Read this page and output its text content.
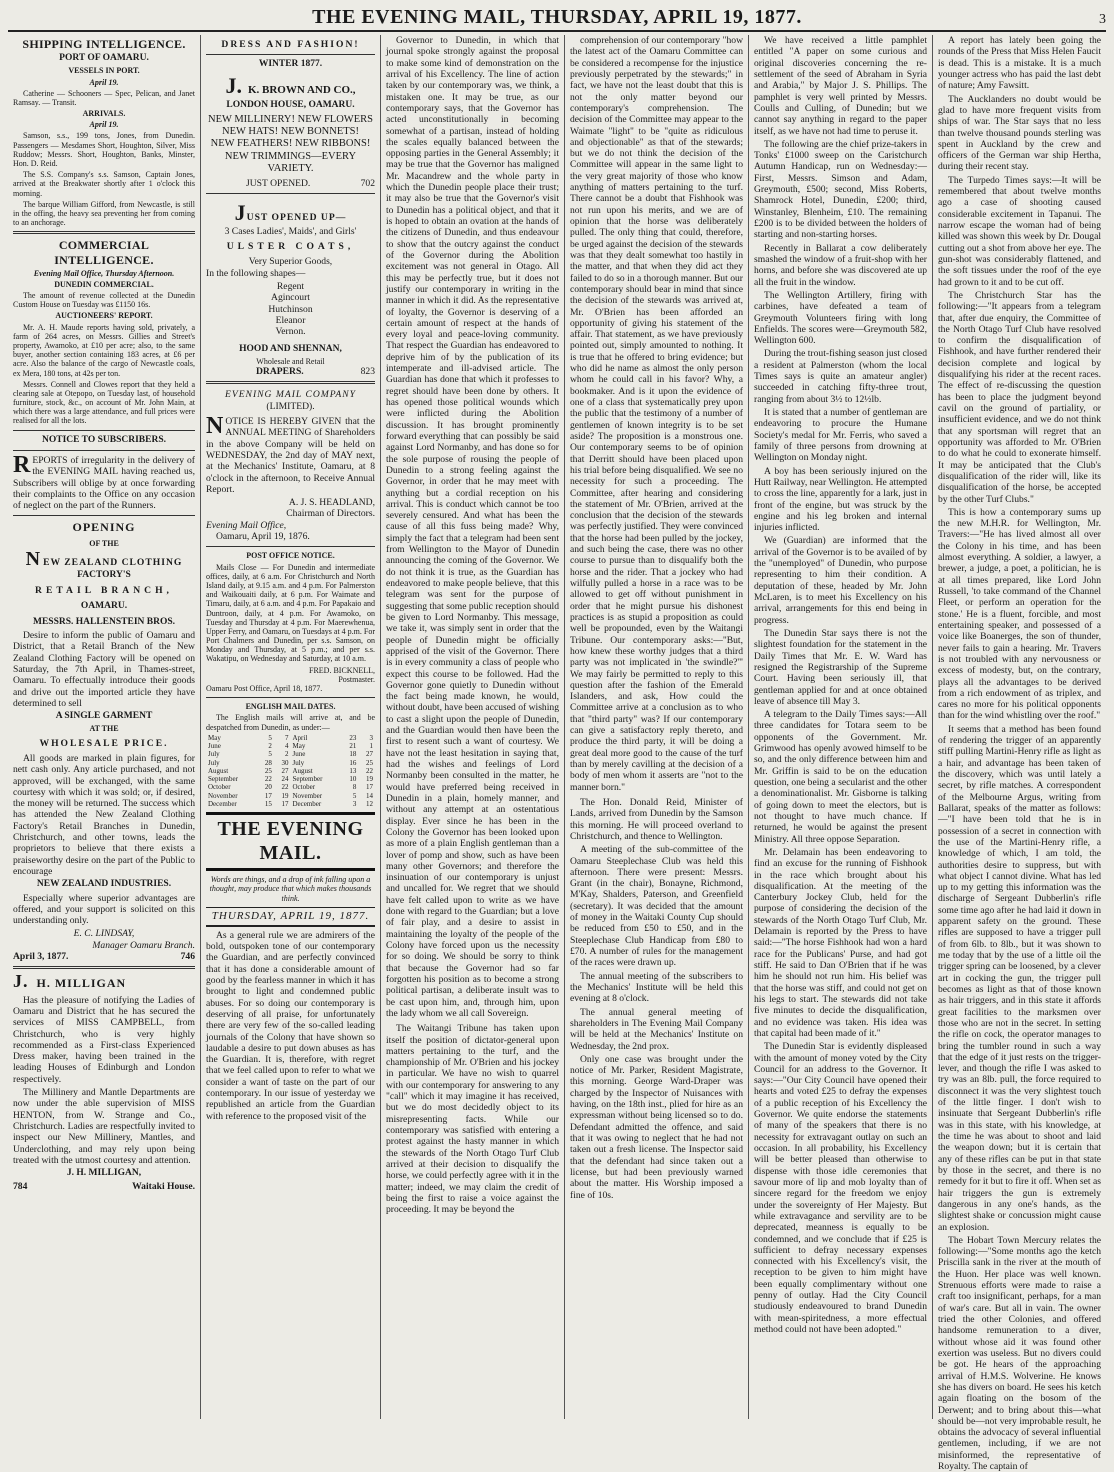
THE EVENING MAIL, THURSDAY, APRIL 19, 1877.	3
SHIPPING INTELLIGENCE.
PORT OF OAMARU.
VESSELS IN PORT.
April 19.

Catherine — Schooners — Spec, Pelican, and Janet Ramsay. — Transit.

ARRIVALS.
April 19.

Samson, s.s., 199 tons, Jones, from Dunedin. Passengers — Mesdames Short, Houghton, Silver, Miss Ruddow; Messrs. Short, Houghton, Banks, Minster, Hon. D. Reid.

The S.S. Company's s.s. Samson, Captain Jones, arrived at the Breakwater shortly after 1 o'clock this morning.

The barque William Gifford, from Newcastle, is still in the offing, the heavy sea preventing her from coming to an anchorage.

COMMERCIAL INTELLIGENCE.
Evening Mail Office, Thursday Afternoon.
DUNEDIN COMMERCIAL.

The amount of revenue collected at the Dunedin Custom House on Tuesday was £1150 16s.

AUCTIONEERS' REPORT.

Mr. A. H. Maude reports having sold, privately, a farm of 264 acres, on Messrs. Gillies and Street's property, Awamoko, at £10 per acre; also, to the same buyer, another section containing 183 acres, at £6 per acre. Also the balance of the cargo of Newcastle coals, ex Mera, 180 tons, at 42s per ton.

Messrs. Connell and Clowes report that they held a clearing sale at Otepopo, on Tuesday last, of household furniture, stock, &c., on account of Mr. John Main, at which there was a large attendance, and full prices were realised for all the lots.

NOTICE TO SUBSCRIBERS.

REPORTS of irregularity in the delivery of the EVENING MAIL having reached us, Subscribers will oblige by at once forwarding their complaints to the Office on any occasion of neglect on the part of the Runners.

OPENING
OF THE
NEW ZEALAND CLOTHING
FACTORY'S
RETAIL BRANCH,
OAMARU.
MESSRS. HALLENSTEIN BROS.

Desire to inform the public of Oamaru and District, that a Retail Branch of the New Zealand Clothing Factory will be opened on Saturday, the 7th April, in Thames-street, Oamaru. To effectually introduce their goods and drive out the imported article they have determined to sell

A SINGLE GARMENT
AT THE
WHOLESALE PRICE.

All goods are marked in plain figures, for nett cash only. Any article purchased, and not approved, will be exchanged, with the same courtesy with which it was sold; or, if desired, the money will be returned. The success which has attended the New Zealand Clothing Factory's Retail Branches in Dunedin, Christchurch, and other towns, leads the proprietors to believe that there exists a praiseworthy desire on the part of the Public to encourage

NEW ZEALAND INDUSTRIES.

Especially where superior advantages are offered, and your support is solicited on this understanding only.

E. C. LINDSAY,
Manager Oamaru Branch.
April 3, 1877.	746
J. H. MILLIGAN

Has the pleasure of notifying the Ladies of Oamaru and District that he has secured the services of MISS CAMPBELL, from Christchurch, who is very highly recommended as a First-class Experienced Dress maker, having been trained in the leading Houses of Edinburgh and London respectively.

The Millinery and Mantle Departments are now under the able supervision of MISS HENTON, from W. Strange and Co., Christchurch. Ladies are respectfully invited to inspect our New Millinery, Mantles, and Underclothing, and may rely upon being treated with the utmost courtesy and attention.

J. H. MILLIGAN,
784	Waitaki House.
DRESS AND FASHION!
WINTER 1877.
J. K. BROWN AND CO.,
LONDON HOUSE, OAMARU.
NEW MILLINERY! NEW FLOWERS
NEW HATS! NEW BONNETS!
NEW FEATHERS! NEW RIBBONS!
NEW TRIMMINGS—EVERY VARIETY.
JUST OPENED.	702
JUST OPENED UP—
3 Cases Ladies', Maids', and Girls'
ULSTER COATS,
Very Superior Goods,
In the following shapes—
Regent
Agincourt
Hutchinson
Eleanor
Vernon.
HOOD AND SHENNAN,
Wholesale and Retail
DRAPERS.	823
EVENING MAIL COMPANY
(LIMITED).

NOTICE IS HEREBY GIVEN that the ANNUAL MEETING of Shareholders in the above Company will be held on WEDNESDAY, the 2nd day of MAY next, at the Mechanics' Institute, Oamaru, at 8 o'clock in the afternoon, to Receive Annual Report.

A. J. S. HEADLAND,
Chairman of Directors.
Evening Mail Office,
Oamaru, April 19, 1876.
POST OFFICE NOTICE.

Mails Close — For Dunedin and intermediate offices, daily, at 6 a.m. For Christchurch and North Island daily, at 9.15 a.m. and 4 p.m. For Palmerston and Waikouaiti daily, at 6 p.m. For Waimate and Timaru, daily, at 6 a.m. and 4 p.m. For Papakaio and Duntroon, daily, at 4 p.m. For Awamoko, on Tuesday and Thursday at 4 p.m. For Maerewhenua, Upper Ferry, and Oamaru, on Tuesdays at 4 p.m. For Port Chalmers and Dunedin, per s.s. Samson, on Monday and Thursday, at 5 p.m.; and per s.s. Wakatipu, on Wednesday and Saturday, at 10 a.m.

FRED. BICKNELL,
Postmaster.
Oamaru Post Office, April 18, 1877.
ENGLISH MAIL DATES.

The English mails will arrive at, and be despatched from Dunedin, as under:—

May	5	7	April	23	3
June	2	4	May	21	1
July	5	2	June	18	27
July	28	30	July	16	25
August	25	27	August	13	22
September	22	24	September	10	19
October	20	22	October	8	17
November	17	19	November	5	14
December	15	17	December	3	12
THE EVENING MAIL.
Words are things, and a drop of ink falling upon a thought, may produce that which makes thousands think.
THURSDAY, APRIL 19, 1877.

As a general rule we are admirers of the bold, outspoken tone of our contemporary the Guardian, and are perfectly convinced that it has done a considerable amount of good by the fearless manner in which it has brought to light and condemned public abuses. For so doing our contemporary is deserving of all praise, for unfortunately there are very few of the so-called leading journals of the Colony that have shown so laudable a desire to put down abuses as has the Guardian. It is, therefore, with regret that we feel called upon to refer to what we consider a want of taste on the part of our contemporary. In our issue of yesterday we republished an article from the Guardian with reference to the proposed visit of the

Governor to Dunedin, in which that journal spoke strongly against the proposal to make some kind of demonstration on the arrival of his Excellency. The line of action taken by our contemporary was, we think, a mistaken one. It may be true, as our contemporary says, that the Governor has acted unconstitutionally in becoming somewhat of a partisan, instead of holding the scales equally balanced between the opposing parties in the General Assembly; it may be true that the Governor has maligned Mr. Macandrew and the whole party in which the Dunedin people place their trust; it may also be true that the Governor's visit to Dunedin has a political object, and that it is hoped to obtain an ovation at the hands of the citizens of Dunedin, and thus endeavour to show that the outcry against the conduct of the Governor during the Abolition excitement was not general in Otago. All this may be perfectly true, but it does not justify our contemporary in writing in the manner in which it did. As the representative of loyalty, the Governor is deserving of a certain amount of respect at the hands of every loyal and peace-loving community. That respect the Guardian has endeavored to deprive him of by the publication of its intemperate and ill-advised article. The Guardian has done that which it professes to regret should have been done by others. It has opened those political wounds which were inflicted during the Abolition discussion. It has brought prominently forward everything that can possibly be said against Lord Normanby, and has done so for the sole purpose of rousing the people of Dunedin to a strong feeling against the Governor, in order that he may meet with anything but a cordial reception on his arrival. This is conduct which cannot be too severely censured. And what has been the cause of all this fuss being made? Why, simply the fact that a telegram had been sent from Wellington to the Mayor of Dunedin announcing the coming of the Governor. We do not think it is true, as the Guardian has endeavored to make people believe, that this telegram was sent for the purpose of suggesting that some public reception should be given to Lord Normanby. This message, we take it, was simply sent in order that the people of Dunedin might be officially apprised of the visit of the Governor. There is in every community a class of people who expect this course to be followed. Had the Governor gone quietly to Dunedin without the fact being made known, he would, without doubt, have been accused of wishing to cast a slight upon the people of Dunedin, and the Guardian would then have been the first to resent such a want of courtesy. We have not the least hesitation in saying that, had the wishes and feelings of Lord Normanby been consulted in the matter, he would have preferred being received in Dunedin in a plain, homely manner, and without any attempt at an ostentatious display. Ever since he has been in the Colony the Governor has been looked upon as more of a plain English gentleman than a lover of pomp and show, such as have been many other Governors; and therefore the insinuation of our contemporary is unjust and uncalled for. We regret that we should have felt called upon to write as we have done with regard to the Guardian; but a love of fair play, and a desire to assist in maintaining the loyalty of the people of the Colony have forced upon us the necessity for so doing. We should be sorry to think that because the Governor had so far forgotten his position as to become a strong political partisan, a deliberate insult was to be cast upon him, and, through him, upon the lady whom we all call Sovereign.

The Waitangi Tribune has taken upon itself the position of dictator-general upon matters pertaining to the turf, and the championship of Mr. O'Brien and his jockey in particular. We have no wish to quarrel with our contemporary for answering to any "call" which it may imagine it has received, but we do most decidedly object to its misrepresenting facts. While our contemporary was satisfied with entering a protest against the hasty manner in which the stewards of the North Otago Turf Club arrived at their decision to disqualify the horse, we could perfectly agree with it in the matter; indeed, we may claim the credit of being the first to raise a voice against the proceeding. It may be beyond the

comprehension of our contemporary "how the latest act of the Oamaru Committee can be considered a recompense for the injustice previously perpetrated by the stewards;" in fact, we have not the least doubt that this is not the only matter beyond our contemporary's comprehension. The decision of the Committee may appear to the Waimate "light" to be "quite as ridiculous and objectionable" as that of the stewards; but we do not think the decision of the Committee will appear in the same light to the very great majority of those who know anything of matters pertaining to the turf. There cannot be a doubt that Fishhook was not run upon his merits, and we are of opinion that the horse was deliberately pulled. The only thing that could, therefore, be urged against the decision of the stewards was that they dealt somewhat too hastily in the matter, and that when they did act they failed to do so in a thorough manner. But our contemporary should bear in mind that since the decision of the stewards was arrived at, Mr. O'Brien has been afforded an opportunity of giving his statement of the affair. That statement, as we have previously pointed out, simply amounted to nothing. It is true that he offered to bring evidence; but who did he name as almost the only person whom he could call in his favor? Why, a bookmaker. And is it upon the evidence of one of a class that systematically prey upon the public that the testimony of a number of gentlemen of known integrity is to be set aside? The proposition is a monstrous one. Our contemporary seems to be of opinion that Derritt should have been placed upon his trial before being disqualified. We see no necessity for such a proceeding. The Committee, after hearing and considering the statement of Mr. O'Brien, arrived at the conclusion that the decision of the stewards was perfectly justified. They were convinced that the horse had been pulled by the jockey, and such being the case, there was no other course to pursue than to disqualify both the horse and the rider. That a jockey who had wilfully pulled a horse in a race was to be allowed to get off without punishment in order that he might pursue his dishonest practices is as stupid a proposition as could well be propounded, even by the Waitangi Tribune. Our contemporary asks:—"But, how knew these worthy judges that a third party was not implicated in 'the swindle?'" We may fairly be permitted to reply to this question after the fashion of the Emerald Islanders, and ask, How could the Committee arrive at a conclusion as to who that "third party" was? If our contemporary can give a satisfactory reply thereto, and produce the third party, it will be doing a great deal more good to the cause of the turf than by merely cavilling at the decision of a body of men whom it asserts are "not to the manner born."

The Hon. Donald Reid, Minister of Lands, arrived from Dunedin by the Samson this morning. He will proceed overland to Christchurch, and thence to Wellington.

A meeting of the sub-committee of the Oamaru Steeplechase Club was held this afternoon. There were present: Messrs. Grant (in the chair), Bonayne, Richmond, M'Kay, Shalders, Paterson, and Greenfield (secretary). It was decided that the amount of money in the Waitaki County Cup should be reduced from £50 to £50, and in the Steeplechase Club Handicap from £80 to £70. A number of rules for the management of the races were drawn up.

The annual meeting of the subscribers to the Mechanics' Institute will be held this evening at 8 o'clock.

The annual general meeting of shareholders in The Evening Mail Company will be held at the Mechanics' Institute on Wednesday, the 2nd prox.

Only one case was brought under the notice of Mr. Parker, Resident Magistrate, this morning. George Ward-Draper was charged by the Inspector of Nuisances with having, on the 18th inst., plied for hire as an expressman without being licensed so to do. Defendant admitted the offence, and said that it was owing to neglect that he had not taken out a fresh license. The Inspector said that the defendant had since taken out a license, but had been previously warned about the matter. His Worship imposed a fine of 10s.

We have received a little pamphlet entitled "A paper on some curious and original discoveries concerning the re-settlement of the seed of Abraham in Syria and Arabia," by Major J. S. Phillips. The pamphlet is very well printed by Messrs. Coulls and Culling, of Dunedin; but we cannot say anything in regard to the paper itself, as we have not had time to peruse it.

The following are the chief prize-takers in Tonks' £1000 sweep on the Caristchurch Autumn Handicap, run on Wednesday:—First, Messrs. Simson and Adam, Greymouth, £500; second, Miss Roberts, Shamrock Hotel, Dunedin, £200; third, Winstanley, Blenheim, £10. The remaining £200 is to be divided between the holders of starting and non-starting horses.

Recently in Ballarat a cow deliberately smashed the window of a fruit-shop with her horns, and before she was discovered ate up all the fruit in the window.

The Wellington Artillery, firing with carbines, have defeated a team of Greymouth Volunteers firing with long Enfields. The scores were—Greymouth 582, Wellington 600.

During the trout-fishing season just closed a resident at Palmerston (whom the local Times says is quite an amateur angler) succeeded in catching fifty-three trout, ranging from about 3½ to 12½lb.

It is stated that a number of gentleman are endeavoring to procure the Humane Society's medal for Mr. Ferris, who saved a family of three persons from drowning at Wellington on Monday night.

A boy has been seriously injured on the Hutt Railway, near Wellington. He attempted to cross the line, apparently for a lark, just in front of the engine, but was struck by the engine and his leg broken and internal injuries inflicted.

We (Guardian) are informed that the arrival of the Governor is to be availed of by the "unemployed" of Dunedin, who purpose representing to him their condition. A deputation of these, headed by Mr. John McLaren, is to meet his Excellency on his arrival, arrangements for this end being in progress.

The Dunedin Star says there is not the slightest foundation for the statement in the Daily Times that Mr. E. W. Ward has resigned the Registrarship of the Supreme Court. Having been seriously ill, that gentleman applied for and at once obtained leave of absence till May 3.

A telegram to the Daily Times says:—All three candidates for Totara seem to be opponents of the Government. Mr. Grimwood has openly avowed himself to be so, and the only difference between him and Mr. Griffin is said to be on the education question, one being a secularist and the other a denominationalist. Mr. Gisborne is talking of going down to meet the electors, but is not thought to have much chance. If returned, he would be against the present Ministry. All three oppose Separation.

Mr. Delamain has been endeavoring to find an excuse for the running of Fishhook in the race which brought about his disqualification. At the meeting of the Canterbury Jockey Club, held for the purpose of considering the decision of the stewards of the North Otago Turf Club, Mr. Delamain is reported by the Press to have said:—"The horse Fishhook had won a hard race for the Publicans' Purse, and had got stiff. He said to Dan O'Brien that if he was him he should not run him. His belief was that the horse was stiff, and could not get on his legs to start. The stewards did not take five minutes to decide the disqualification, and no evidence was taken. His idea was that capital had been made of it."

The Dunedin Star is evidently displeased with the amount of money voted by the City Council for an address to the Governor. It says:—"Our City Council have opened their hearts and voted £25 to defray the expenses of a public reception of his Excellency the Governor. We quite endorse the statements of many of the speakers that there is no necessity for extravagant outlay on such an occasion. In all probability, his Excellency will be better pleased than otherwise to dispense with those idle ceremonies that savour more of lip and mob loyalty than of sincere regard for the freedom we enjoy under the sovereignty of Her Majesty. But while extravagance and servility are to be deprecated, meanness is equally to be condemned, and we conclude that if £25 is sufficient to defray necessary expenses connected with his Excellency's visit, the reception to be given to him might have been equally complimentary without one penny of outlay. Had the City Council studiously endeavoured to brand Dunedin with mean-spiritedness, a more effectual method could not have been adopted."

A report has lately been going the rounds of the Press that Miss Helen Faucit is dead. This is a mistake. It is a much younger actress who has paid the last debt of nature; Amy Fawsitt.

The Aucklanders no doubt would be glad to have more frequent visits from ships of war. The Star says that no less than twelve thousand pounds sterling was spent in Auckland by the crew and officers of the German war ship Hertha, during their recent stay.

The Turpedo Times says:—It will be remembered that about twelve months ago a case of shooting caused considerable excitement in Tapanui. The narrow escape the woman had of being killed was shown this week by Dr. Dougal cutting out a shot from above her eye. The gun-shot was considerably flattened, and the soft tissues under the roof of the eye had grown to it and to be cut off.

The Christchurch Star has the following:—"It appears from a telegram that, after due enquiry, the Committee of the North Otago Turf Club have resolved to confirm the disqualification of Fishhook, and have further rendered their decision complete and logical by disqualifying his rider at the recent races. The effect of re-discussing the question has been to place the judgment beyond cavil on the ground of partiality, or insufficient evidence, and we do not think that any sportsman will regret that an opportunity was afforded to Mr. O'Brien to do what he could to exonerate himself. It may be anticipated that the Club's disqualification of the rider will, like its disqualification of the horse, be accepted by the other Turf Clubs."

This is how a contemporary sums up the new M.H.R. for Wellington, Mr. Travers:—"He has lived almost all over the Colony in his time, and has been almost everything. A soldier, a lawyer, a brewer, a judge, a poet, a politician, he is at all times prepared, like Lord John Russell, 'to take command of the Channel Fleet, or perform an operation for the stone.' He is a fluent, forcible, and most entertaining speaker, and possessed of a voice like Boanerges, the son of thunder, never fails to gain a hearing. Mr. Travers is not troubled with any nervousness or excess of modesty, but, on the contrary, plays all the advantages to be derived from a rich endowment of as triplex, and cares no more for his political opponents than for the wind whistling over the roof."

It seems that a method has been found of rendering the trigger of an apparently stiff pulling Martini-Henry rifle as light as a hair, and advantage has been taken of the discovery, which was until lately a secret, by rifle matches. A correspondent of the Melbourne Argus, writing from Ballarat, speaks of the matter as follows:—"I have been told that he is in possession of a secret in connection with the use of the Martini-Henry rifle, a knowledge of which, I am told, the authorities desire to suppress, but with what object I cannot divine. What has led up to my getting this information was the discharge of Sergeant Dubberlin's rifle some time ago after he had laid it down in apparent safety on the ground. These rifles are supposed to have a trigger pull of from 6lb. to 8lb., but it was shown to me today that by the use of a little oil the trigger spring can be loosened, by a clever art in cocking the gun, the trigger pull becomes as light as that of those known as hair triggers, and in this state it affords great facilities to the marksmen over those who are not in the secret. In setting the rifle on cock, the operator manages to bring the tumbler round in such a way that the edge of it just rests on the trigger-lever, and though the rifle I was asked to try was an 8lb. pull, the force required to disconnect it was the very slightest touch of the little finger. I don't wish to insinuate that Sergeant Dubberlin's rifle was in this state, with his knowledge, at the time he was about to shoot and laid the weapon down; but it is certain that any of these rifles can be put in that state by those in the secret, and there is no remedy for it but to fire it off. When set as hair triggers the gun is extremely dangerous in any one's hands, as the slightest shake or concussion might cause an explosion.

The Hobart Town Mercury relates the following:—"Some months ago the ketch Priscilla sank in the river at the mouth of the Huon. Her place was well known. Strenuous efforts were made to raise a craft too insignificant, perhaps, for a man of war's care. But all in vain. The owner tried the other Colonies, and offered handsome remuneration to a diver, without whose aid it was found other exertion was useless. But no divers could be got. He hears of the approaching arrival of H.M.S. Wolverine. He knows she has divers on board. He sees his ketch again floating on the bosom of the Derwent; and to bring about this—what should be—not very improbable result, he obtains the advocacy of several influential gentlemen, including, if we are not misinformed, the representative of Royalty. The captain of
